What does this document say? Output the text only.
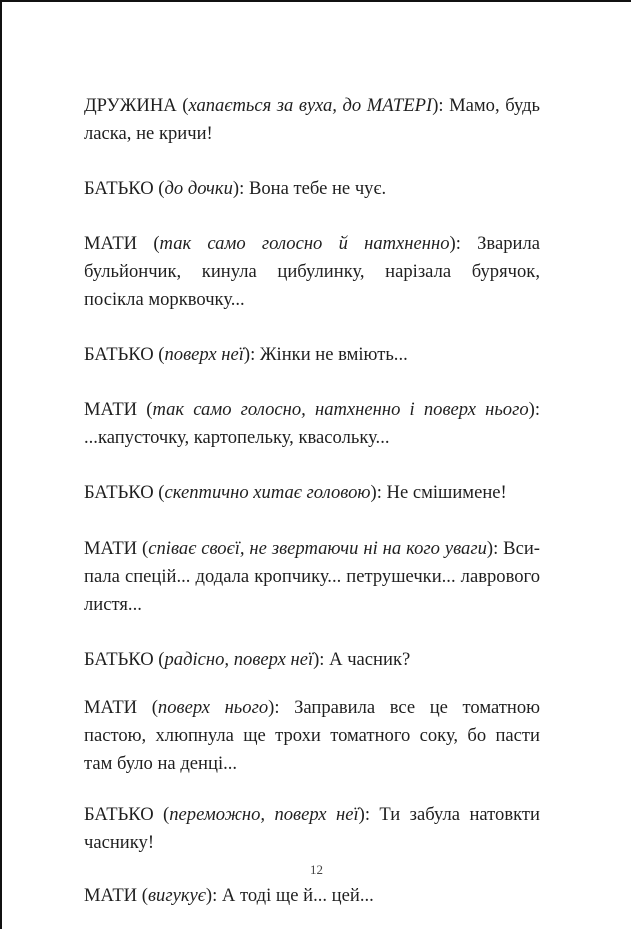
ДРУЖИНА (хапається за вуха, до МАТЕРІ): Мамо, будь ласка, не кричи!

БАТЬКО (до дочки): Вона тебе не чує.

МАТИ (так само голосно й натхненно): Зварила бульйончик, кинула цибулинку, нарізала бурячок, посікла морквочку...

БАТЬКО (поверх неї): Жінки не вміють...

МАТИ (так само голосно, натхненно і поверх нього): ...капусточку, картопельку, квасольку...

БАТЬКО (скептично хитає головою): Не смішимене!

МАТИ (співає своєї, не звертаючи ні на кого уваги): Всипала спецій... додала кропчику... петрушечки... лаврового листя...

БАТЬКО (радісно, поверх неї): А часник?

МАТИ (поверх нього): Заправила все це томатною пастою, хлюпнула ще трохи томатного соку, бо пасти там було на денці...

БАТЬКО (переможно, поверх неї): Ти забула натовкти часнику!

МАТИ (вигукує): А тоді ще й... цей...

12
